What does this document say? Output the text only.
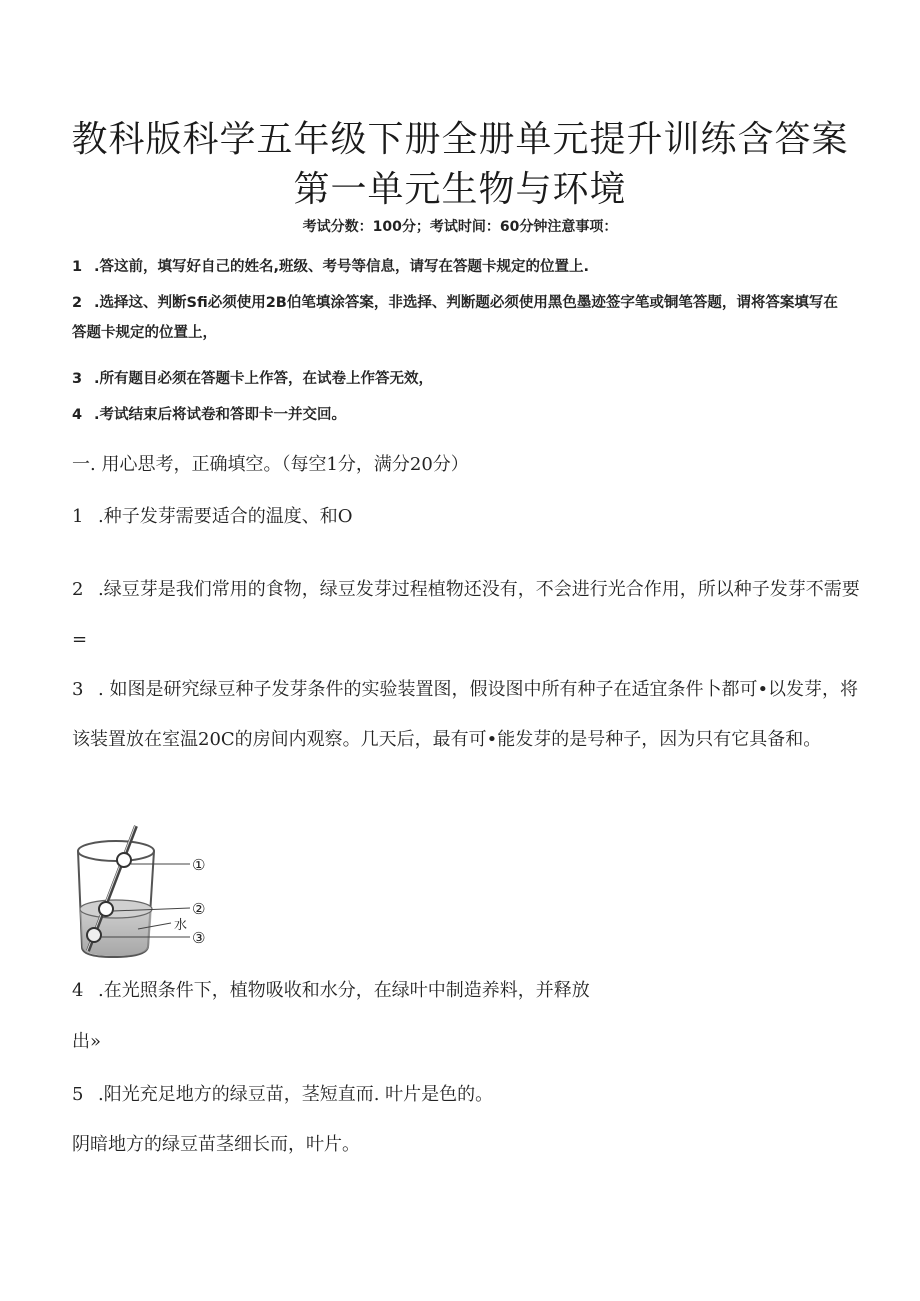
教科版科学五年级下册全册单元提升训练含答案
第一单元生物与环境
考试分数：100分；考试时间：60分钟注意事项：
1 .答这前，填写好自己的姓名,班级、考号等信息，请写在答题卡规定的位置上.
2 .选择这、判断Sfi必须使用2B伯笔填涂答案，非选择、判断题必须使用黑色墨迹签字笔或铜笔答题，谓将答案填写在答题卡规定的位置上，
3 .所有题目必须在答题卡上作答，在试卷上作答无效，
4 .考试结束后将试卷和答即卡一并交回。
一. 用心思考，正确填空。（每空1分，满分20分）
1 .种子发芽需要适合的温度、和O
2 .绿豆芽是我们常用的食物，绿豆发芽过程植物还没有，不会进行光合作用，所以种子发芽不需要=
3 . 如图是研究绿豆种子发芽条件的实验装置图，假设图中所有种子在适宜条件卜都可•以发芽，将该装置放在室温20C的房间内观察。几天后，最有可•能发芽的是号种子，因为只有它具备和。
①
②
水
③
4 .在光照条件下，植物吸收和水分，在绿叶中制造养料，并释放
出»
5 .阳光充足地方的绿豆苗，茎短直而. 叶片是色的。
阴暗地方的绿豆苗茎细长而，叶片。
